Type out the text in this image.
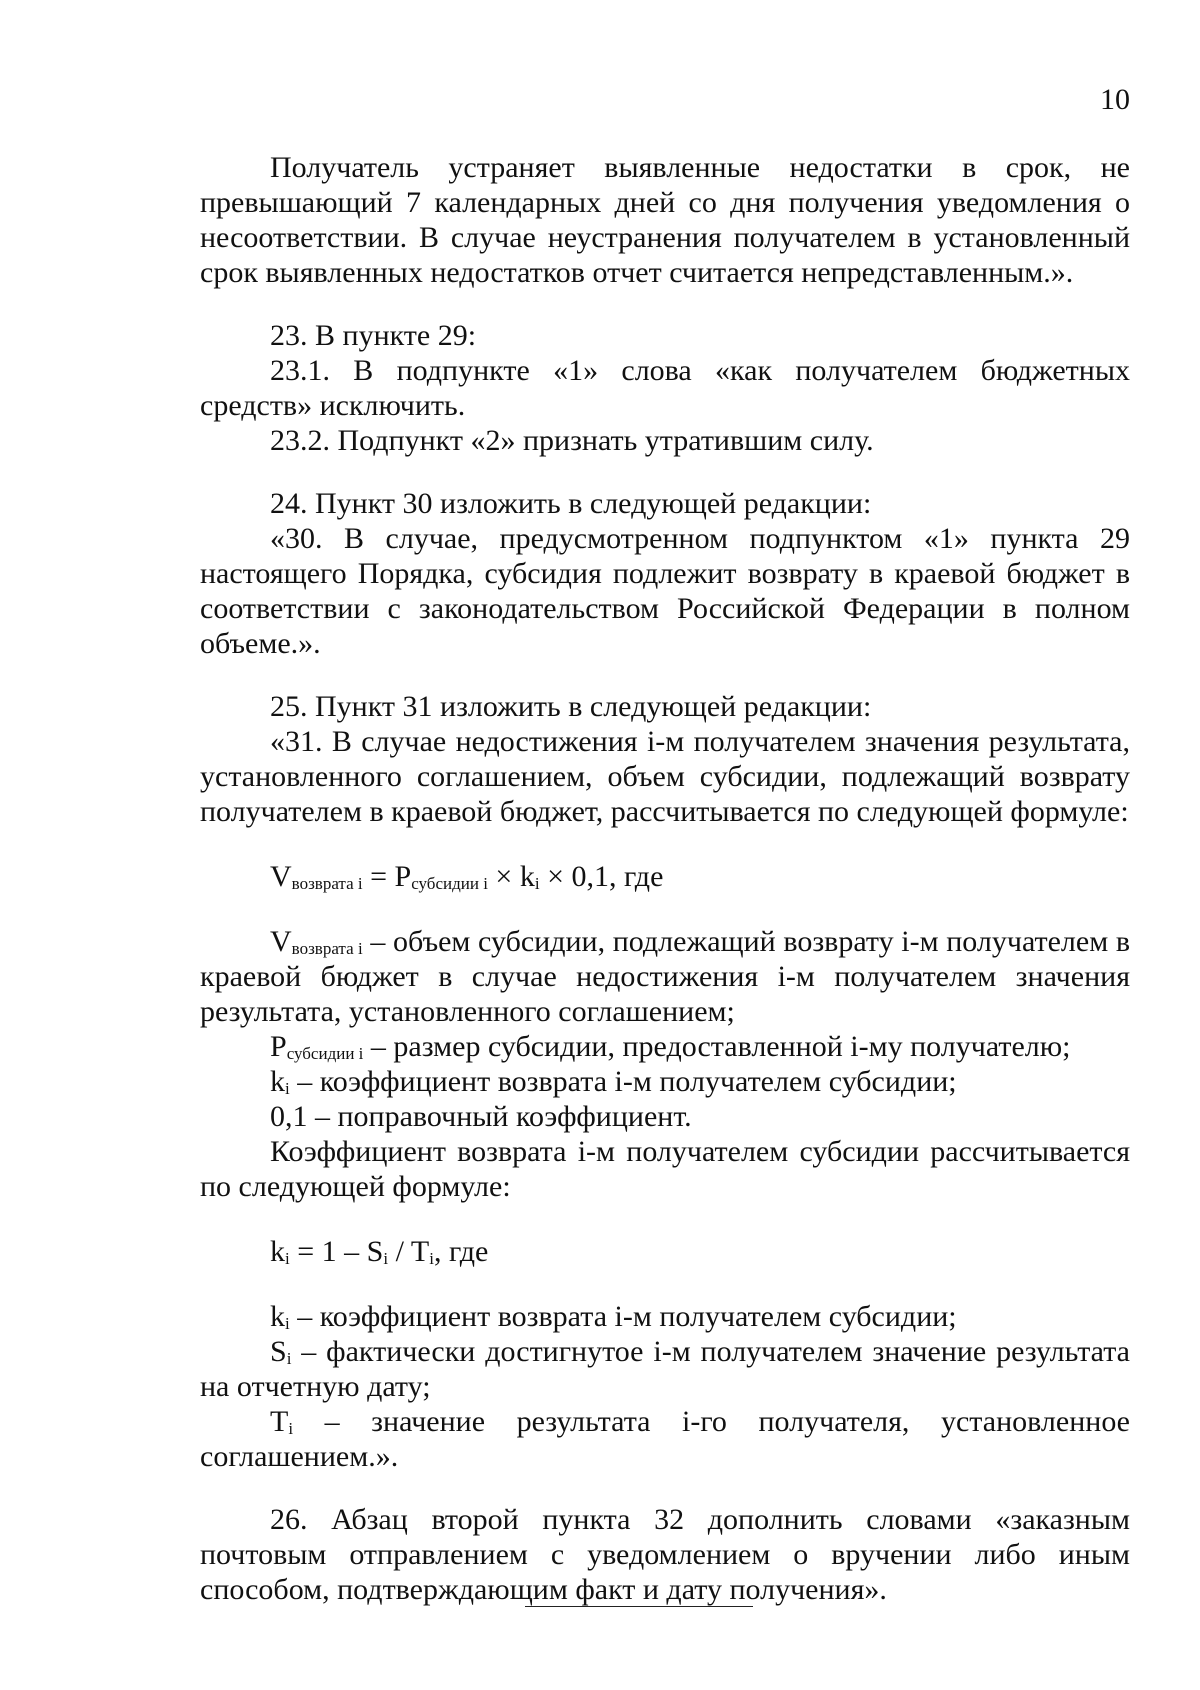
10

Получатель устраняет выявленные недостатки в срок, не превышающий 7 календарных дней со дня получения уведомления о несоответствии. В случае неустранения получателем в установленный срок выявленных недостатков отчет считается непредставленным.».

23. В пункте 29:

23.1. В подпункте «1» слова «как получателем бюджетных средств» исключить.

23.2. Подпункт «2» признать утратившим силу.

24. Пункт 30 изложить в следующей редакции:

«30. В случае, предусмотренном подпунктом «1» пункта 29 настоящего Порядка, субсидия подлежит возврату в краевой бюджет в соответствии с законодательством Российской Федерации в полном объеме.».

25. Пункт 31 изложить в следующей редакции:

«31. В случае недостижения i-м получателем значения результата, установленного соглашением, объем субсидии, подлежащий возврату получателем в краевой бюджет, рассчитывается по следующей формуле:

$V_{возврата i} = P_{субсидии i} \times k_i \times 0,1$, где

$V_{возврата i}$ – объем субсидии, подлежащий возврату i-м получателем в краевой бюджет в случае недостижения i-м получателем значения результата, установленного соглашением;

$P_{субсидии i}$ – размер субсидии, предоставленной i-му получателю;

$k_i$ – коэффициент возврата i-м получателем субсидии;

0,1 – поправочный коэффициент.

Коэффициент возврата i-м получателем субсидии рассчитывается по следующей формуле:

$k_i = 1 - S_i / T_i$, где

$k_i$ – коэффициент возврата i-м получателем субсидии;

$S_i$ – фактически достигнутое i-м получателем значение результата на отчетную дату;

$T_i$ – значение результата i-го получателя, установленное соглашением.».

26. Абзац второй пункта 32 дополнить словами «заказным почтовым отправлением с уведомлением о вручении либо иным способом, подтверждающим факт и дату получения».
